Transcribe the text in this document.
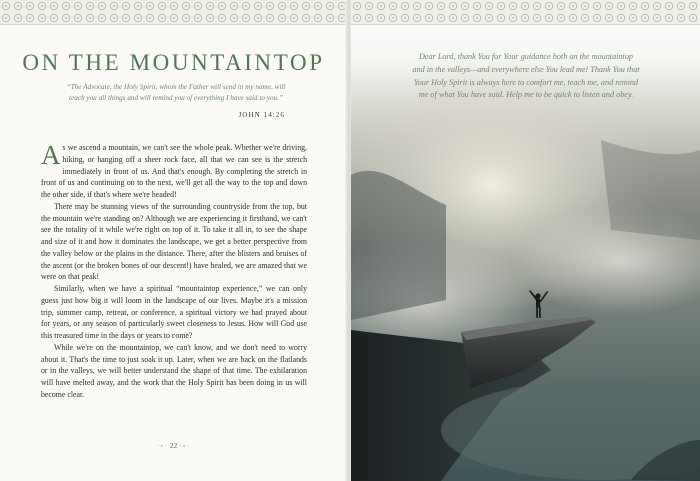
ON THE MOUNTAINTOP
“The Advocate, the Holy Spirit, whom the Father will send in my name, will
teach you all things and will remind you of everything I have said to you.”
JOHN 14:26

As we ascend a mountain, we can't see the whole peak. Whether we're driving, hiking, or hanging off a sheer rock face, all that we can see is the stretch immediately in front of us. And that's enough. By completing the stretch in front of us and continuing on to the next, we'll get all the way to the top and down the other side, if that's where we're headed!

There may be stunning views of the surrounding countryside from the top, but the mountain we're standing on? Although we are experiencing it firsthand, we can't see the totality of it while we're right on top of it. To take it all in, to see the shape and size of it and how it dominates the landscape, we get a better perspective from the valley below or the plains in the distance. There, after the blisters and bruises of the ascent (or the broken bones of our descent!) have healed, we are amazed that we were on that peak!

Similarly, when we have a spiritual “mountaintop experience,” we can only guess just how big it will loom in the landscape of our lives. Maybe it's a mission trip, summer camp, retreat, or conference, a spiritual victory we had prayed about for years, or any season of particularly sweet closeness to Jesus. How will God use this treasured time in the days or years to come?

While we're on the mountaintop, we can't know, and we don't need to worry about it. That's the time to just soak it up. Later, when we are back on the flatlands or in the valleys, we will better understand the shape of that time. The exhilaration will have melted away, and the work that the Holy Spirit has been doing in us will become clear.

·∘· 22 ·∘·
Dear Lord, thank You for Your guidance both on the mountaintop
and in the valleys—and everywhere else You lead me! Thank You that
Your Holy Spirit is always here to comfort me, teach me, and remind
me of what You have said. Help me to be quick to listen and obey.
